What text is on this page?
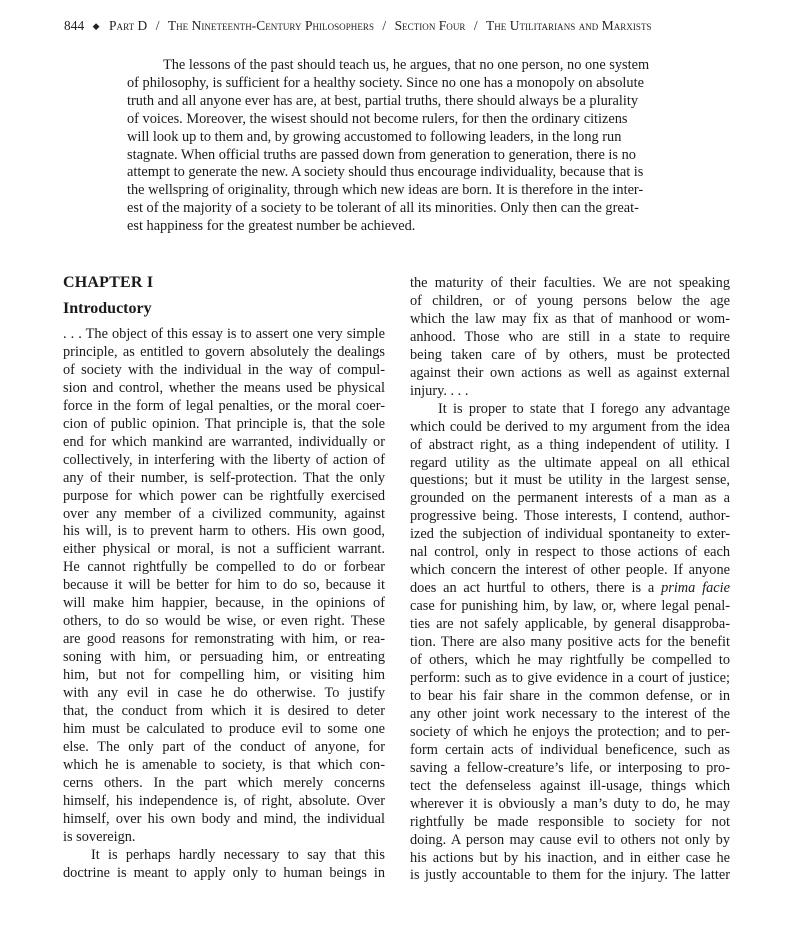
844 ◆ Part D / The Nineteenth-Century Philosophers / Section Four / The Utilitarians and Marxists
The lessons of the past should teach us, he argues, that no one person, no one system
of philosophy, is sufficient for a healthy society. Since no one has a monopoly on absolute
truth and all anyone ever has are, at best, partial truths, there should always be a plurality
of voices. Moreover, the wisest should not become rulers, for then the ordinary citizens
will look up to them and, by growing accustomed to following leaders, in the long run
stagnate. When official truths are passed down from generation to generation, there is no
attempt to generate the new. A society should thus encourage individuality, because that is
the wellspring of originality, through which new ideas are born. It is therefore in the inter-
est of the majority of a society to be tolerant of all its minorities. Only then can the great-
est happiness for the greatest number be achieved.
CHAPTER I
Introductory
. . . The object of this essay is to assert one very simple
principle, as entitled to govern absolutely the dealings
of society with the individual in the way of compul-
sion and control, whether the means used be physical
force in the form of legal penalties, or the moral coer-
cion of public opinion. That principle is, that the sole
end for which mankind are warranted, individually or
collectively, in interfering with the liberty of action of
any of their number, is self-protection. That the only
purpose for which power can be rightfully exercised
over any member of a civilized community, against
his will, is to prevent harm to others. His own good,
either physical or moral, is not a sufficient warrant.
He cannot rightfully be compelled to do or forbear
because it will be better for him to do so, because it
will make him happier, because, in the opinions of
others, to do so would be wise, or even right. These
are good reasons for remonstrating with him, or rea-
soning with him, or persuading him, or entreating
him, but not for compelling him, or visiting him
with any evil in case he do otherwise. To justify
that, the conduct from which it is desired to deter
him must be calculated to produce evil to some one
else. The only part of the conduct of anyone, for
which he is amenable to society, is that which con-
cerns others. In the part which merely concerns
himself, his independence is, of right, absolute. Over
himself, over his own body and mind, the individual
is sovereign.
It is perhaps hardly necessary to say that this
doctrine is meant to apply only to human beings in
the maturity of their faculties. We are not speaking
of children, or of young persons below the age
which the law may fix as that of manhood or wom-
anhood. Those who are still in a state to require
being taken care of by others, must be protected
against their own actions as well as against external
injury. . . .
It is proper to state that I forego any advantage
which could be derived to my argument from the idea
of abstract right, as a thing independent of utility. I
regard utility as the ultimate appeal on all ethical
questions; but it must be utility in the largest sense,
grounded on the permanent interests of a man as a
progressive being. Those interests, I contend, author-
ized the subjection of individual spontaneity to exter-
nal control, only in respect to those actions of each
which concern the interest of other people. If anyone
does an act hurtful to others, there is a prima facie
case for punishing him, by law, or, where legal penal-
ties are not safely applicable, by general disapproba-
tion. There are also many positive acts for the benefit
of others, which he may rightfully be compelled to
perform: such as to give evidence in a court of justice;
to bear his fair share in the common defense, or in
any other joint work necessary to the interest of the
society of which he enjoys the protection; and to per-
form certain acts of individual beneficence, such as
saving a fellow-creature’s life, or interposing to pro-
tect the defenseless against ill-usage, things which
wherever it is obviously a man’s duty to do, he may
rightfully be made responsible to society for not
doing. A person may cause evil to others not only by
his actions but by his inaction, and in either case he
is justly accountable to them for the injury. The latter
